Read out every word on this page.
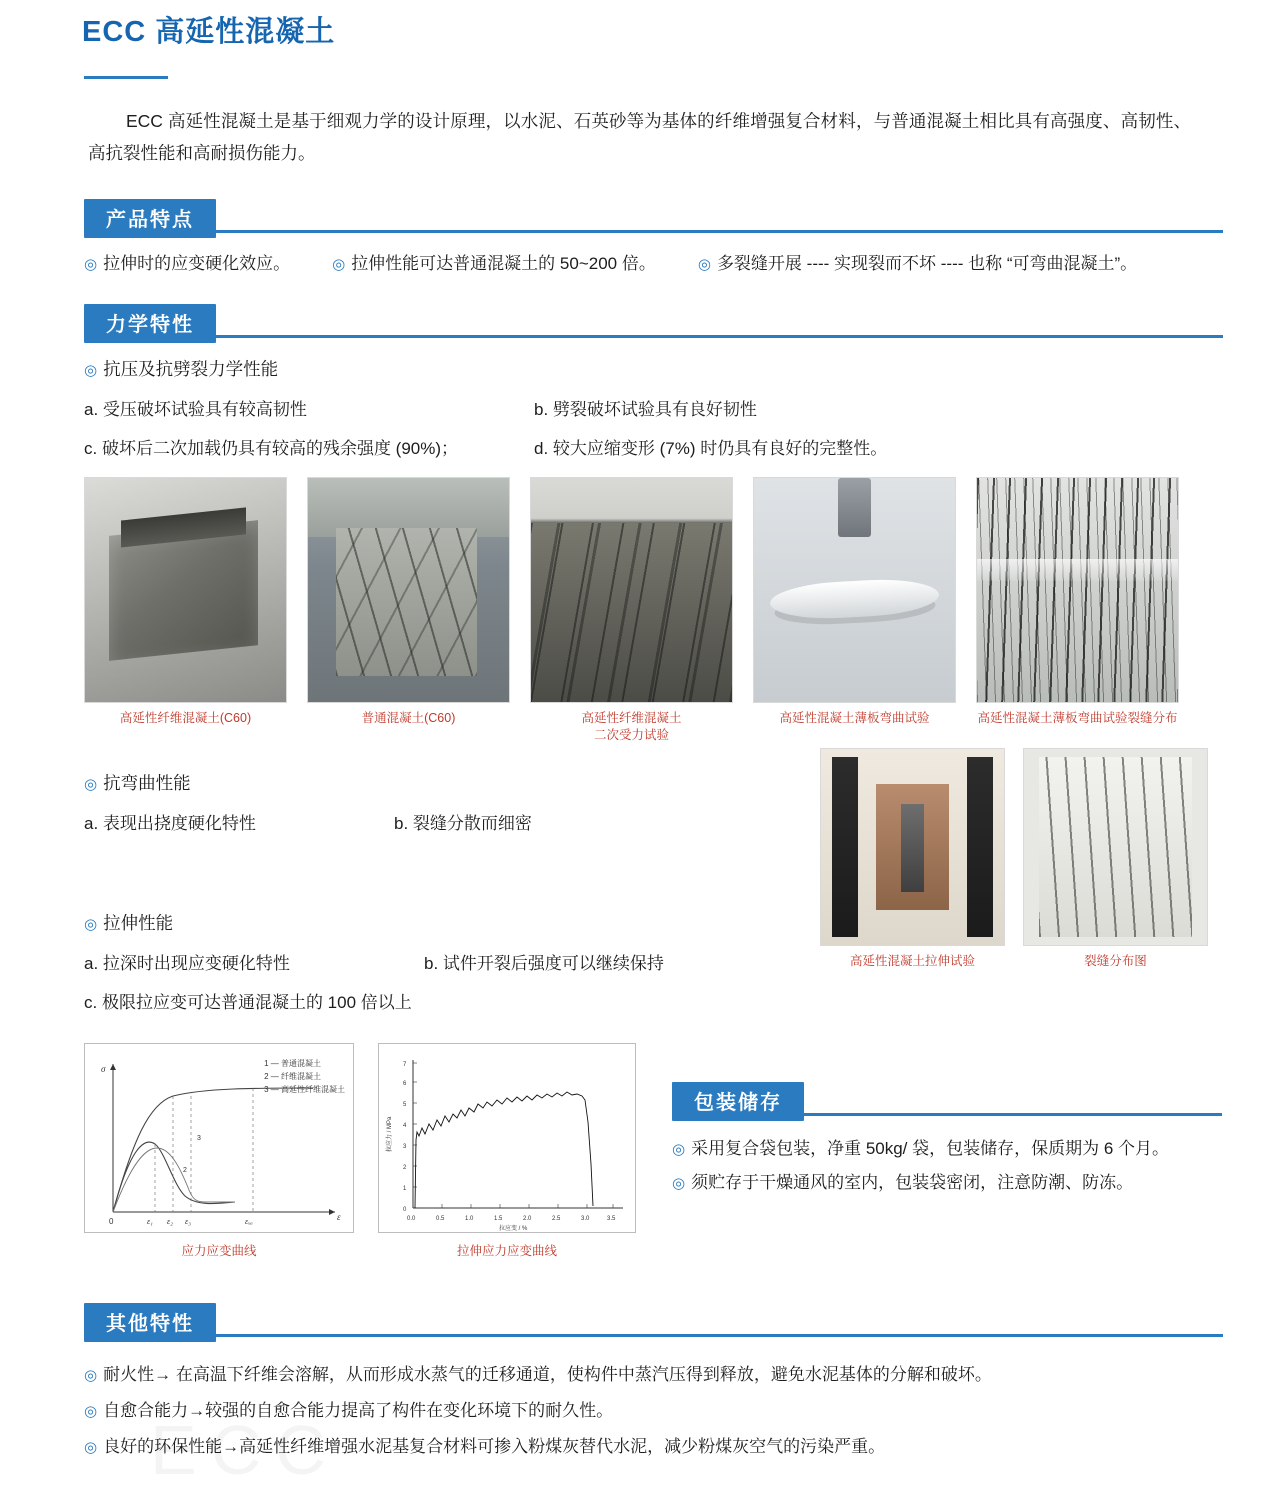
ECC 高延性混凝土

ECC 高延性混凝土是基于细观力学的设计原理，以水泥、石英砂等为基体的纤维增强复合材料，与普通混凝土相比具有高强度、高韧性、高抗裂性能和高耐损伤能力。

产品特点
◎ 拉伸时的应变硬化效应。	◎ 拉伸性能可达普通混凝土的 50~200 倍。	◎ 多裂缝开展 ---- 实现裂而不坏 ---- 也称 “可弯曲混凝土”。
力学特性
◎ 抗压及抗劈裂力学性能
a. 受压破坏试验具有较高韧性	b. 劈裂破坏试验具有良好韧性
c. 破坏后二次加载仍具有较高的残余强度 (90%)；	d. 较大应缩变形 (7%) 时仍具有良好的完整性。
高延性纤维混凝土(C60)	普通混凝土(C60)	高延性纤维混凝土
二次受力试验
高延性混凝土薄板弯曲试验	高延性混凝土薄板弯曲试验裂缝分布
◎ 抗弯曲性能
a. 表现出挠度硬化特性	b. 裂缝分散而细密
◎ 拉伸性能
a. 拉深时出现应变硬化特性	b. 试件开裂后强度可以继续保持
c. 极限拉应变可达普通混凝土的 100 倍以上
高延性混凝土拉伸试验	裂缝分布图
σ
ε
0	ε₁ ε₂ ε₃	εₓₐ
3
2
1 — 普通混凝土
2 — 纤维混凝土
3 — 高延性纤维混凝土
应力应变曲线
0
1
2
3
4
5
6
7
0.0	0.5	1.0	1.5	2.0	2.5	3.0	3.5
拉应力 / MPa
拉应变 / %
拉伸应力应变曲线
包装储存
◎ 采用复合袋包装，净重 50kg/ 袋，包装储存，保质期为 6 个月。
◎ 须贮存于干燥通风的室内，包装袋密闭，注意防潮、防冻。
其他特性
◎ 耐火性→ 在高温下纤维会溶解，从而形成水蒸气的迁移通道，使构件中蒸汽压得到释放，避免水泥基体的分解和破坏。
◎ 自愈合能力→较强的自愈合能力提高了构件在变化环境下的耐久性。
◎ 良好的环保性能→高延性纤维增强水泥基复合材料可掺入粉煤灰替代水泥，减少粉煤灰空气的污染严重。
